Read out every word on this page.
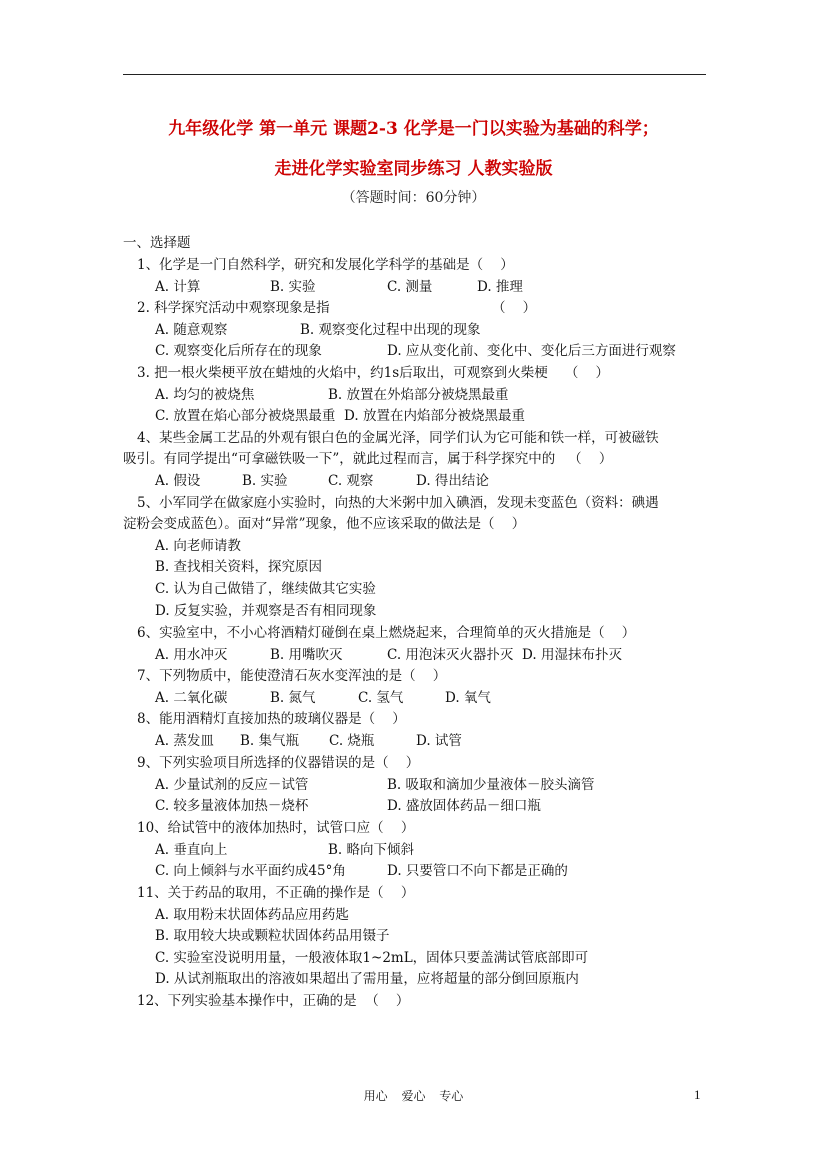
九年级化学 第一单元 课题2-3 化学是一门以实验为基础的科学；
走进化学实验室同步练习 人教实验版
（答题时间：60分钟）
一、选择题
1、化学是一门自然科学，研究和发展化学科学的基础是（    ）
A. 计算	B. 实验	C. 测量	D. 推理
2. 科学探究活动中观察现象是指	（    ）
A. 随意观察	B. 观察变化过程中出现的现象
C. 观察变化后所存在的现象	D. 应从变化前、变化中、变化后三方面进行观察
3. 把一根火柴梗平放在蜡烛的火焰中，约1s后取出，可观察到火柴梗    （    ）
A. 均匀的被烧焦	B. 放置在外焰部分被烧黑最重
C. 放置在焰心部分被烧黑最重  D. 放置在内焰部分被烧黑最重
4、某些金属工艺品的外观有银白色的金属光泽，同学们认为它可能和铁一样，可被磁铁
吸引。有同学提出“可拿磁铁吸一下”，就此过程而言，属于科学探究中的   （    ）
A. 假设	B. 实验	C. 观察	D. 得出结论
5、小军同学在做家庭小实验时，向热的大米粥中加入碘酒，发现未变蓝色（资料：碘遇
淀粉会变成蓝色）。面对“异常”现象，他不应该采取的做法是（    ）
A. 向老师请教
B. 查找相关资料，探究原因
C. 认为自己做错了，继续做其它实验
D. 反复实验，并观察是否有相同现象
6、实验室中，不小心将酒精灯碰倒在桌上燃烧起来，合理简单的灭火措施是（    ）
A. 用水冲灭	B. 用嘴吹灭	C. 用泡沫灭火器扑灭  D. 用湿抹布扑灭
7、下列物质中，能使澄清石灰水变浑浊的是（    ）
A. 二氧化碳	B. 氮气	C. 氢气	D. 氧气
8、能用酒精灯直接加热的玻璃仪器是（    ）
A. 蒸发皿 B. 集气瓶 C. 烧瓶	D. 试管
9、下列实验项目所选择的仪器错误的是（    ）
A. 少量试剂的反应－试管	B. 吸取和滴加少量液体－胶头滴管
C. 较多量液体加热－烧杯	D. 盛放固体药品－细口瓶
10、给试管中的液体加热时，试管口应（    ）
A. 垂直向上	B. 略向下倾斜
C. 向上倾斜与水平面约成45°角	D. 只要管口不向下都是正确的
11、关于药品的取用，不正确的操作是（    ）
A. 取用粉末状固体药品应用药匙
B. 取用较大块或颗粒状固体药品用镊子
C. 实验室没说明用量，一般液体取1~2mL，固体只要盖满试管底部即可
D. 从试剂瓶取出的溶液如果超出了需用量，应将超量的部分倒回原瓶内
12、下列实验基本操作中，正确的是  （    ）
用心 爱心 专心	1
